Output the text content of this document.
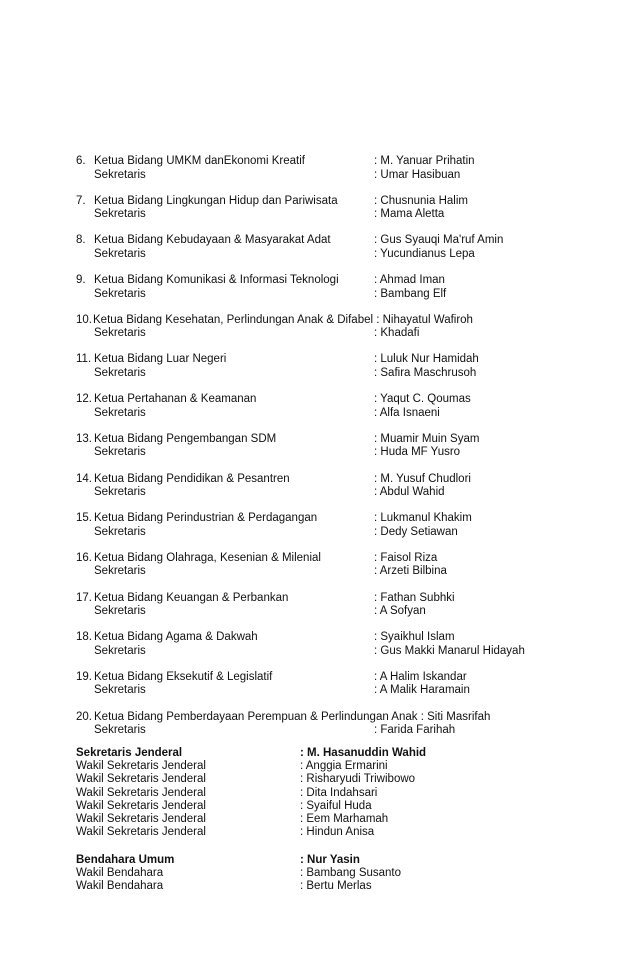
6. Ketua Bidang UMKM danEkonomi Kreatif	: M. Yanuar Prihatin
Sekretaris	: Umar Hasibuan
7. Ketua Bidang Lingkungan Hidup dan Pariwisata	: Chusnunia Halim
Sekretaris	: Mama Aletta
8. Ketua Bidang Kebudayaan & Masyarakat Adat	: Gus Syauqi Ma'ruf Amin
Sekretaris	: Yucundianus Lepa
9. Ketua Bidang Komunikasi & Informasi Teknologi	: Ahmad Iman
Sekretaris	: Bambang Elf
10. Ketua Bidang Kesehatan, Perlindungan Anak & Difabel : Nihayatul Wafiroh
Sekretaris	: Khadafi
11. Ketua Bidang Luar Negeri	: Luluk Nur Hamidah
Sekretaris	: Safira Maschrusoh
12. Ketua Pertahanan & Keamanan	: Yaqut C. Qoumas
Sekretaris	: Alfa Isnaeni
13. Ketua Bidang Pengembangan SDM	: Muamir Muin Syam
Sekretaris	: Huda MF Yusro
14. Ketua Bidang Pendidikan & Pesantren	: M. Yusuf Chudlori
Sekretaris	: Abdul Wahid
15. Ketua Bidang Perindustrian & Perdagangan	: Lukmanul Khakim
Sekretaris	: Dedy Setiawan
16. Ketua Bidang Olahraga, Kesenian & Milenial	: Faisol Riza
Sekretaris	: Arzeti Bilbina
17. Ketua Bidang Keuangan & Perbankan	: Fathan Subhki
Sekretaris	: A Sofyan
18. Ketua Bidang Agama & Dakwah	: Syaikhul Islam
Sekretaris	: Gus Makki Manarul Hidayah
19. Ketua Bidang Eksekutif & Legislatif	: A Halim Iskandar
Sekretaris	: A Malik Haramain
20. Ketua Bidang Pemberdayaan Perempuan & Perlindungan Anak : Siti Masrifah
Sekretaris	: Farida Farihah
Sekretaris Jenderal	: M. Hasanuddin Wahid
Wakil Sekretaris Jenderal	: Anggia Ermarini
Wakil Sekretaris Jenderal	: Risharyudi Triwibowo
Wakil Sekretaris Jenderal	: Dita Indahsari
Wakil Sekretaris Jenderal	: Syaiful Huda
Wakil Sekretaris Jenderal	: Eem Marhamah
Wakil Sekretaris Jenderal	: Hindun Anisa
Bendahara Umum	: Nur Yasin
Wakil Bendahara	: Bambang Susanto
Wakil Bendahara	: Bertu Merlas
